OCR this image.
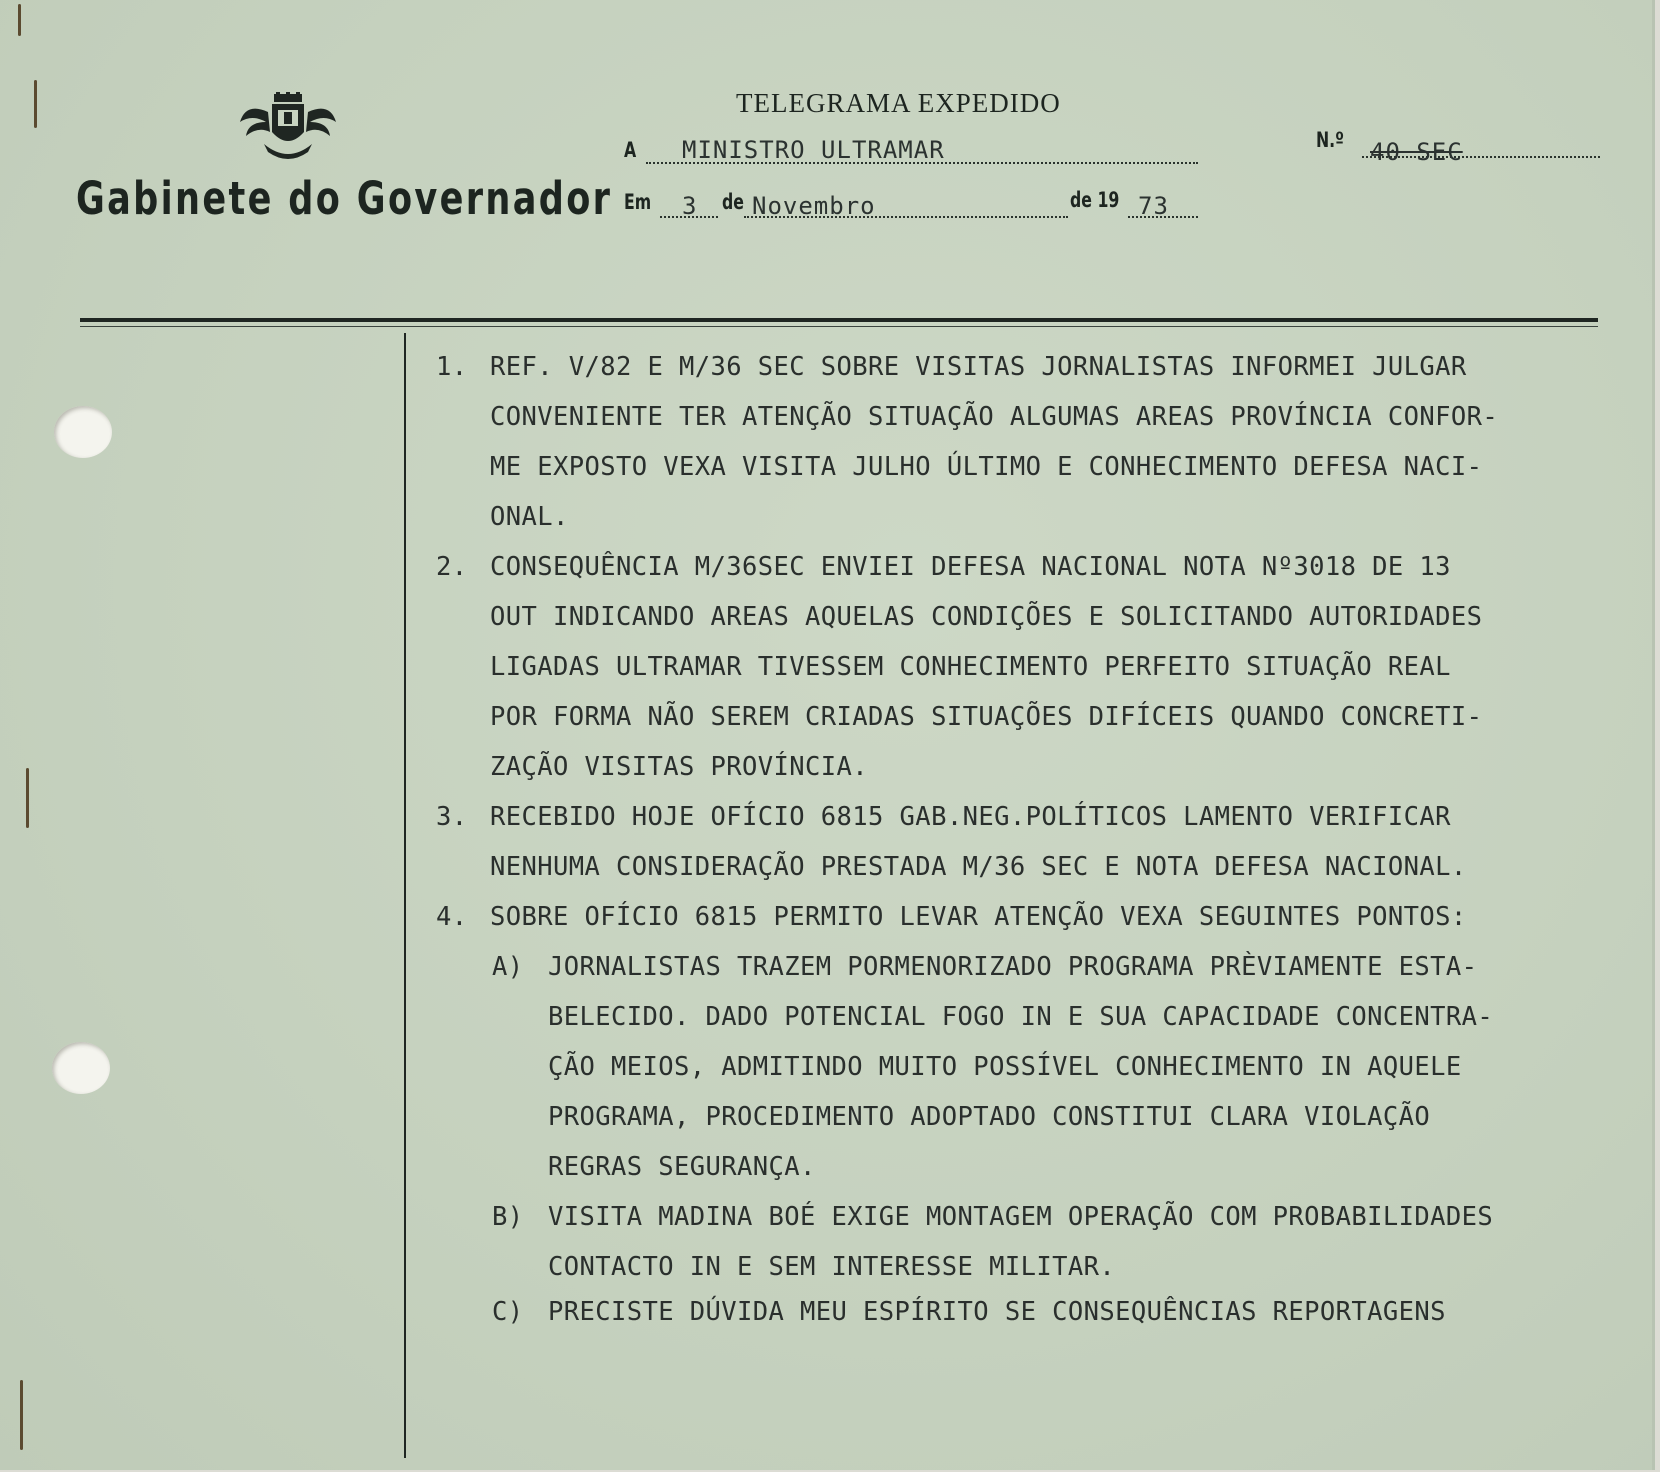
Gabinete do Governador
TELEGRAMA EXPEDIDO
A MINISTRO ULTRAMAR	N.º 40 SEC
Em 3 de Novembro	de 19 73
1. REF. V/82 E M/36 SEC SOBRE VISITAS JORNALISTAS INFORMEI JULGAR
CONVENIENTE TER ATENÇÃO SITUAÇÃO ALGUMAS AREAS PROVÍNCIA CONFOR-
ME EXPOSTO VEXA VISITA JULHO ÚLTIMO E CONHECIMENTO DEFESA NACI-
ONAL.
2. CONSEQUÊNCIA M/36SEC ENVIEI DEFESA NACIONAL NOTA Nº3018 DE 13
OUT INDICANDO AREAS AQUELAS CONDIÇÕES E SOLICITANDO AUTORIDADES
LIGADAS ULTRAMAR TIVESSEM CONHECIMENTO PERFEITO SITUAÇÃO REAL
POR FORMA NÃO SEREM CRIADAS SITUAÇÕES DIFÍCEIS QUANDO CONCRETI-
ZAÇÃO VISITAS PROVÍNCIA.
3. RECEBIDO HOJE OFÍCIO 6815 GAB.NEG.POLÍTICOS LAMENTO VERIFICAR
NENHUMA CONSIDERAÇÃO PRESTADA M/36 SEC E NOTA DEFESA NACIONAL.
4. SOBRE OFÍCIO 6815 PERMITO LEVAR ATENÇÃO VEXA SEGUINTES PONTOS:
A) JORNALISTAS TRAZEM PORMENORIZADO PROGRAMA PRÈVIAMENTE ESTA-
BELECIDO. DADO POTENCIAL FOGO IN E SUA CAPACIDADE CONCENTRA-
ÇÃO MEIOS, ADMITINDO MUITO POSSÍVEL CONHECIMENTO IN AQUELE
PROGRAMA, PROCEDIMENTO ADOPTADO CONSTITUI CLARA VIOLAÇÃO
REGRAS SEGURANÇA.
B) VISITA MADINA BOÉ EXIGE MONTAGEM OPERAÇÃO COM PROBABILIDADES
CONTACTO IN E SEM INTERESSE MILITAR.
C) PRECISTE DÚVIDA MEU ESPÍRITO SE CONSEQUÊNCIAS REPORTAGENS
